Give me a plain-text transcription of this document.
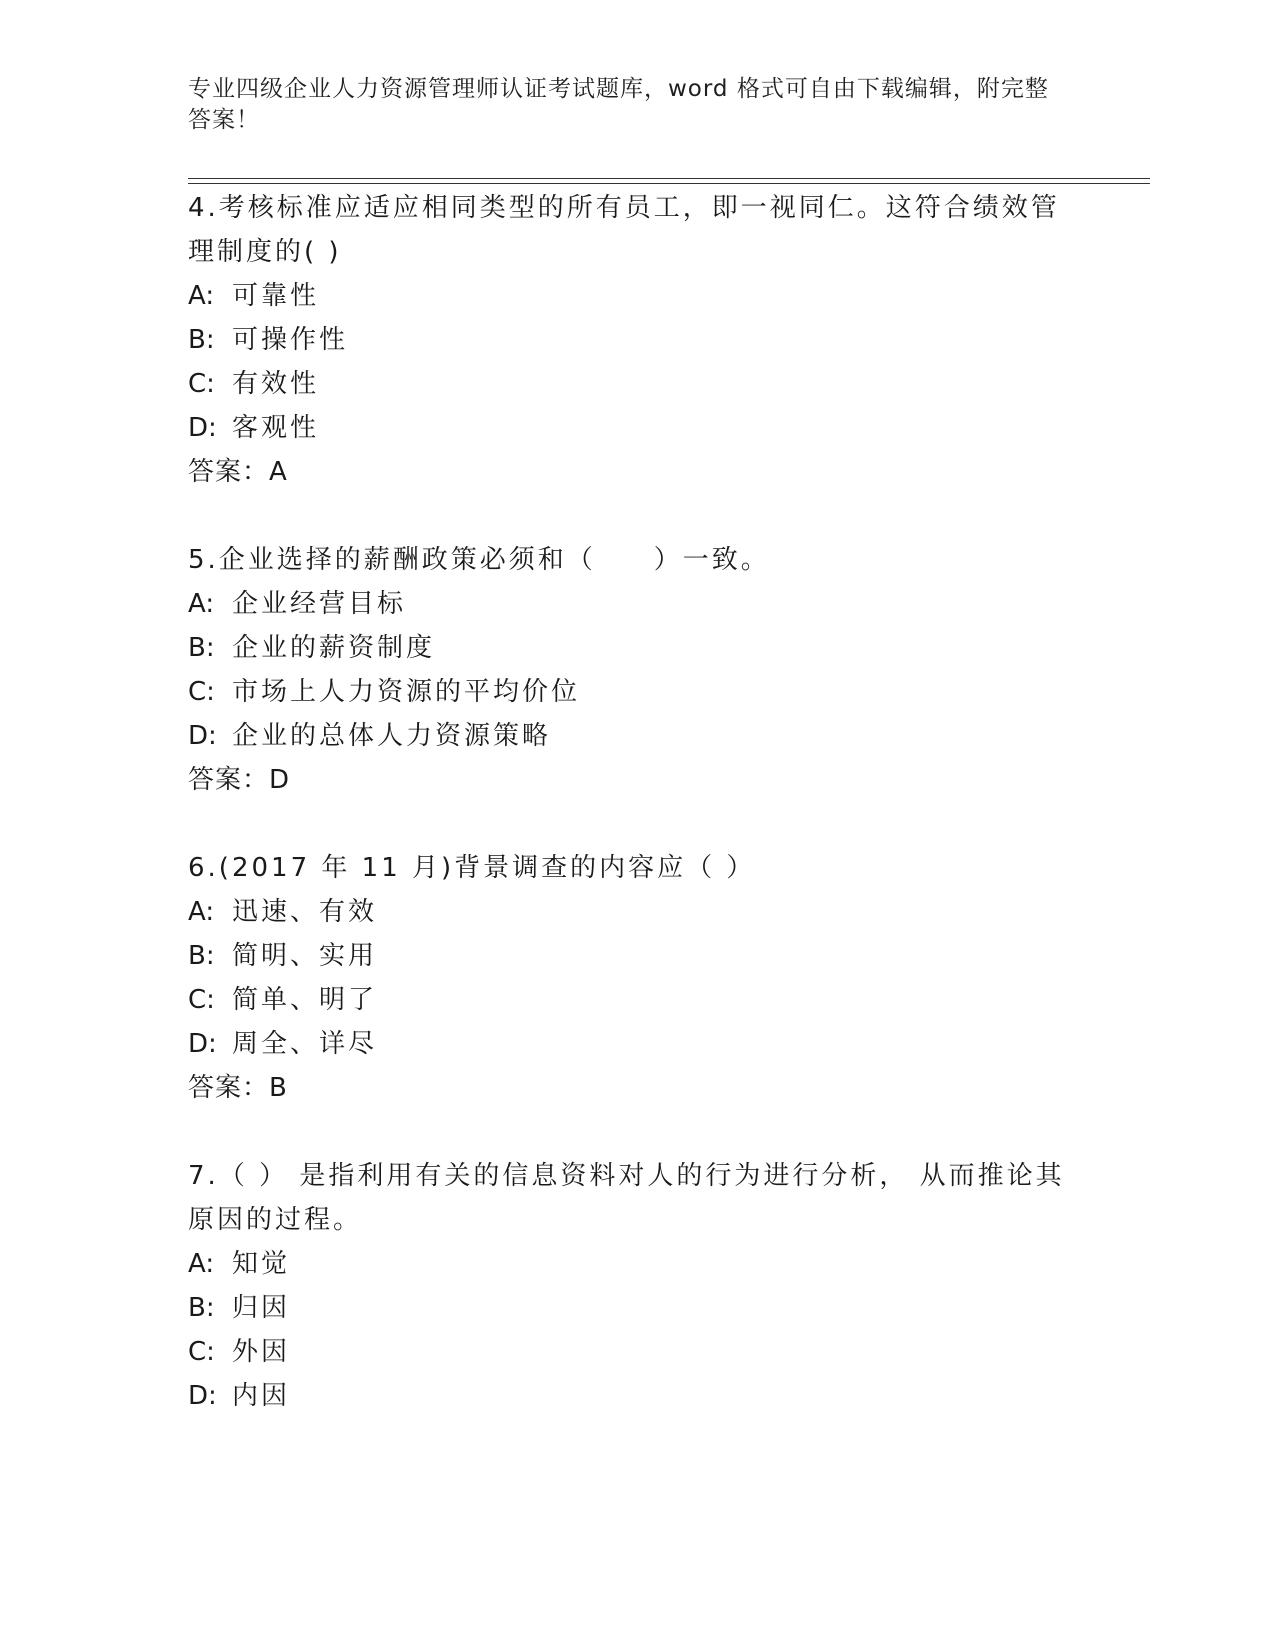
专业四级企业人力资源管理师认证考试题库，word 格式可自由下载编辑，附完整答案！
4.考核标准应适应相同类型的所有员工，即一视同仁。这符合绩效管
理制度的( )
A: 可靠性
B: 可操作性
C: 有效性
D: 客观性
答案：A
5.企业选择的薪酬政策必须和（　　）一致。
A: 企业经营目标
B: 企业的薪资制度
C: 市场上人力资源的平均价位
D: 企业的总体人力资源策略
答案：D
6.(2017 年 11 月)背景调查的内容应（ ）
A: 迅速、有效
B: 简明、实用
C: 简单、明了
D: 周全、详尽
答案：B
7.（ ） 是指利用有关的信息资料对人的行为进行分析， 从而推论其
原因的过程。
A: 知觉
B: 归因
C: 外因
D: 内因
